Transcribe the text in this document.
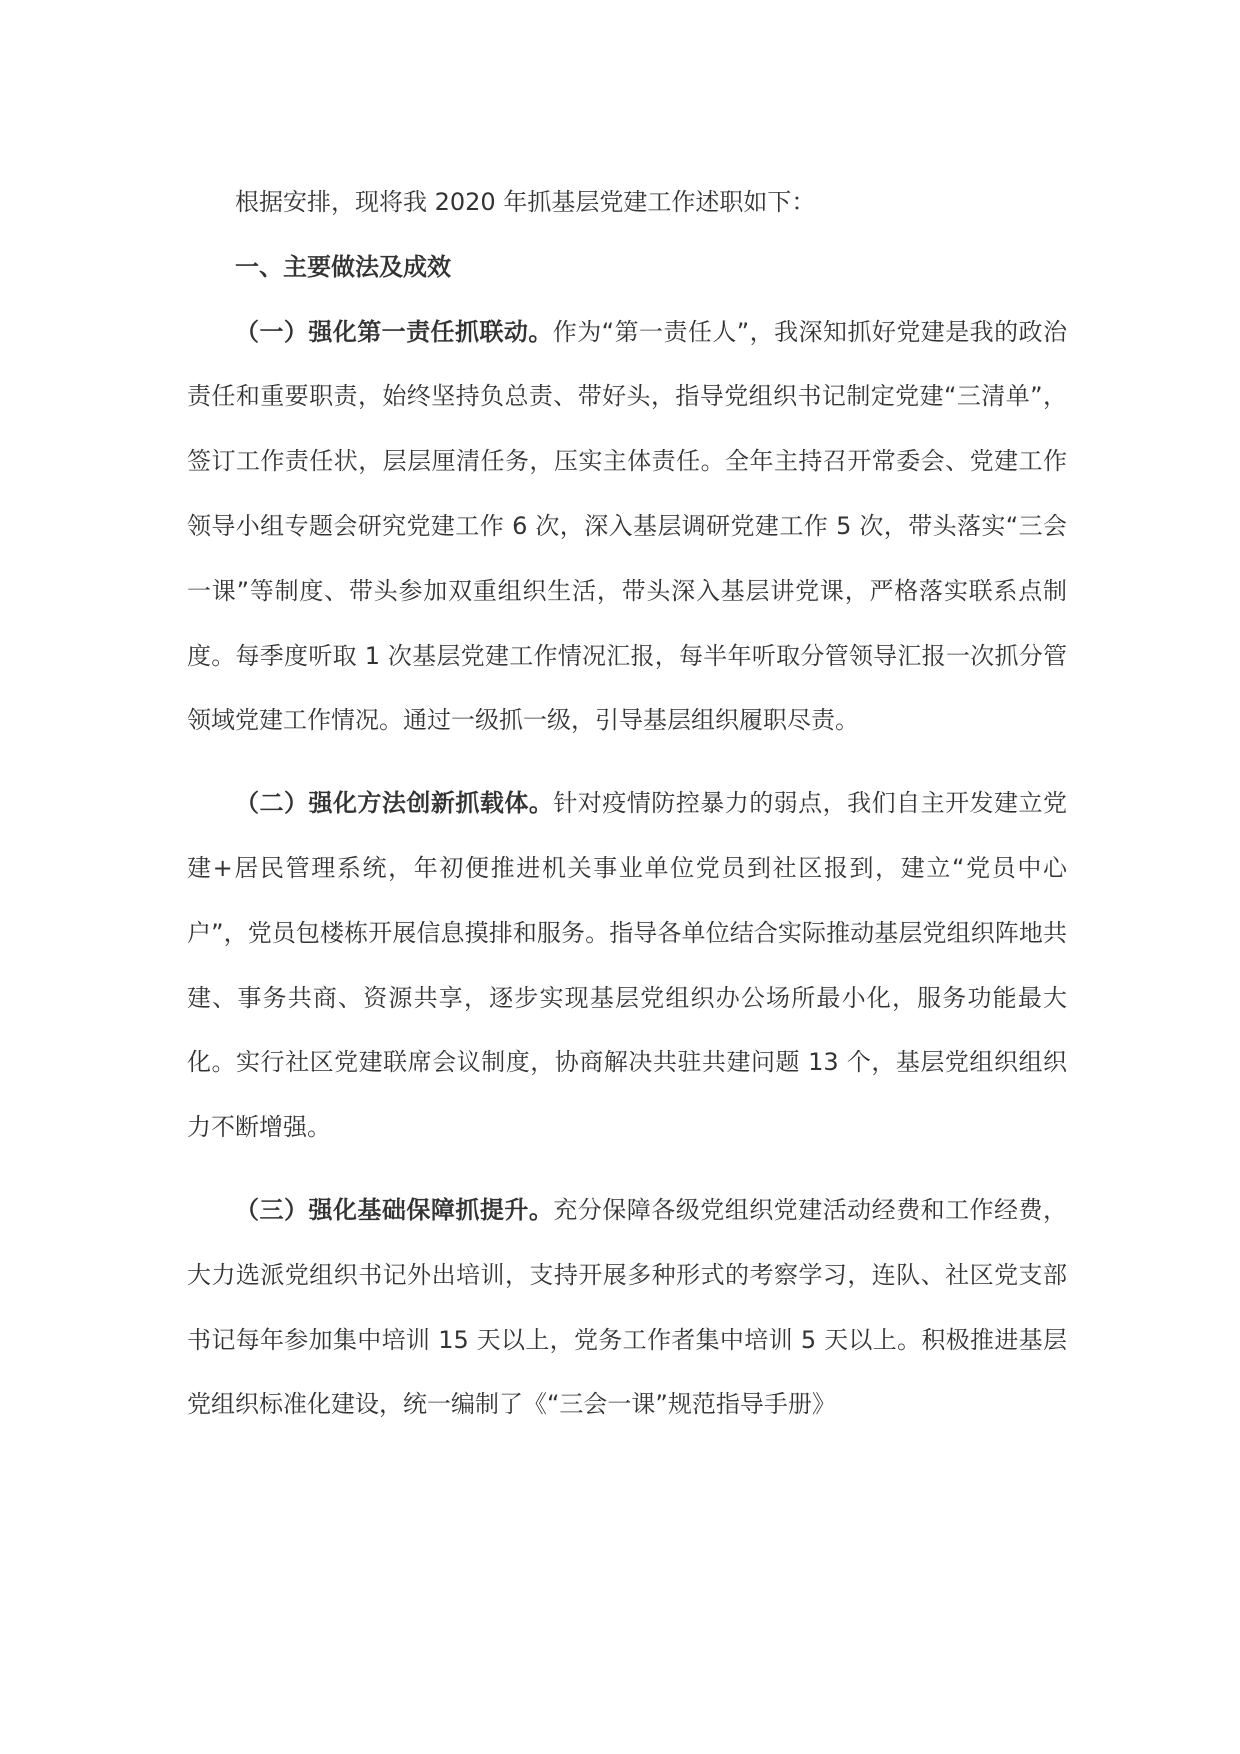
根据安排，现将我 2020 年抓基层党建工作述职如下：

一、主要做法及成效

（一）强化第一责任抓联动。作为“第一责任人”，我深知抓好党建是我的政治责任和重要职责，始终坚持负总责、带好头，指导党组织书记制定党建“三清单”，签订工作责任状，层层厘清任务，压实主体责任。全年主持召开常委会、党建工作领导小组专题会研究党建工作 6 次，深入基层调研党建工作 5 次，带头落实“三会一课”等制度、带头参加双重组织生活，带头深入基层讲党课，严格落实联系点制度。每季度听取 1 次基层党建工作情况汇报，每半年听取分管领导汇报一次抓分管领域党建工作情况。通过一级抓一级，引导基层组织履职尽责。

（二）强化方法创新抓载体。针对疫情防控暴力的弱点，我们自主开发建立党建+居民管理系统，年初便推进机关事业单位党员到社区报到，建立“党员中心户”，党员包楼栋开展信息摸排和服务。指导各单位结合实际推动基层党组织阵地共建、事务共商、资源共享，逐步实现基层党组织办公场所最小化，服务功能最大化。实行社区党建联席会议制度，协商解决共驻共建问题 13 个，基层党组织组织力不断增强。

（三）强化基础保障抓提升。充分保障各级党组织党建活动经费和工作经费，大力选派党组织书记外出培训，支持开展多种形式的考察学习，连队、社区党支部书记每年参加集中培训 15 天以上，党务工作者集中培训 5 天以上。积极推进基层党组织标准化建设，统一编制了《“三会一课”规范指导手册》
